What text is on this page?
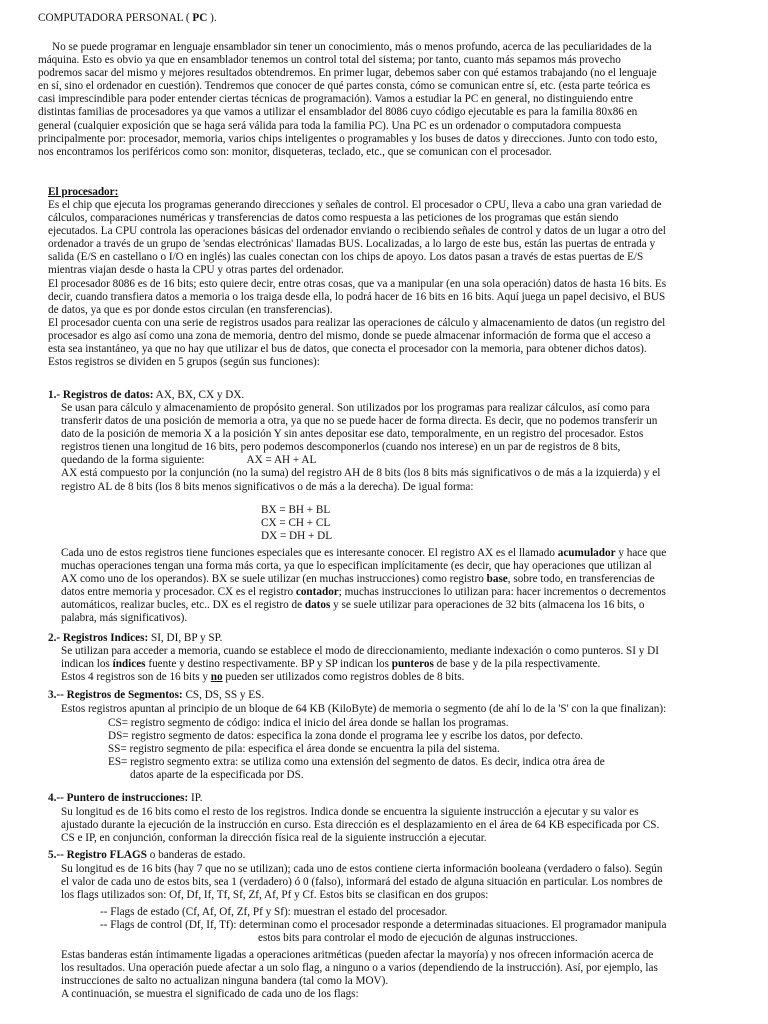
COMPUTADORA PERSONAL ( PC ).

No se puede programar en lenguaje ensamblador sin tener un conocimiento, más o menos profundo, acerca de las peculiaridades de la

máquina. Esto es obvio ya que en ensamblador tenemos un control total del sistema; por tanto, cuanto más sepamos más provecho

podremos sacar del mismo y mejores resultados obtendremos. En primer lugar, debemos saber con qué estamos trabajando (no el lenguaje

en sí, sino el ordenador en cuestión). Tendremos que conocer de qué partes consta, cómo se comunican entre sí, etc. (esta parte teórica es

casi imprescindible para poder entender ciertas técnicas de programación). Vamos a estudiar la PC en general, no distinguiendo entre

distintas familias de procesadores ya que vamos a utilizar el ensamblador del 8086 cuyo código ejecutable es para la familia 80x86 en

general (cualquier exposición que se haga será válida para toda la familia PC). Una PC es un ordenador o computadora compuesta

principalmente por: procesador, memoria, varios chips inteligentes o programables y los buses de datos y direcciones. Junto con todo esto,

nos encontramos los periféricos como son: monitor, disqueteras, teclado, etc., que se comunican con el procesador.

El procesador:

Es el chip que ejecuta los programas generando direcciones y señales de control. El procesador o CPU, lleva a cabo una gran variedad de

cálculos, comparaciones numéricas y transferencias de datos como respuesta a las peticiones de los programas que están siendo

ejecutados. La CPU controla las operaciones básicas del ordenador enviando o recibiendo señales de control y datos de un lugar a otro del

ordenador a través de un grupo de 'sendas electrónicas' llamadas BUS. Localizadas, a lo largo de este bus, están las puertas de entrada y

salida (E/S en castellano o I/O en inglés) las cuales conectan con los chips de apoyo. Los datos pasan a través de estas puertas de E/S

mientras viajan desde o hasta la CPU y otras partes del ordenador.

El procesador 8086 es de 16 bits; esto quiere decir, entre otras cosas, que va a manipular (en una sola operación) datos de hasta 16 bits. Es

decir, cuando transfiera datos a memoria o los traiga desde ella, lo podrá hacer de 16 bits en 16 bits. Aquí juega un papel decisivo, el BUS

de datos, ya que es por donde estos circulan (en transferencias).

El procesador cuenta con una serie de registros usados para realizar las operaciones de cálculo y almacenamiento de datos (un registro del

procesador es algo así como una zona de memoria, dentro del mismo, donde se puede almacenar información de forma que el acceso a

esta sea instantáneo, ya que no hay que utilizar el bus de datos, que conecta el procesador con la memoria, para obtener dichos datos).

Estos registros se dividen en 5 grupos (según sus funciones):

1.- Registros de datos: AX, BX, CX y DX.

Se usan para cálculo y almacenamiento de propósito general. Son utilizados por los programas para realizar cálculos, así como para

transferir datos de una posición de memoria a otra, ya que no se puede hacer de forma directa. Es decir, que no podemos transferir un

dato de la posición de memoria X a la posición Y sin antes depositar ese dato, temporalmente, en un registro del procesador. Estos

registros tienen una longitud de 16 bits, pero podemos descomponerlos (cuando nos interese) en un par de registros de 8 bits,

quedando de la forma siguiente:	AX = AH + AL

AX está compuesto por la conjunción (no la suma) del registro AH de 8 bits (los 8 bits más significativos o de más a la izquierda) y el

registro AL de 8 bits (los 8 bits menos significativos o de más a la derecha). De igual forma:

BX = BH + BL

CX = CH + CL

DX = DH + DL

Cada uno de estos registros tiene funciones especiales que es interesante conocer. El registro AX es el llamado acumulador y hace que

muchas operaciones tengan una forma más corta, ya que lo especifican implícitamente (es decir, que hay operaciones que utilizan al

AX como uno de los operandos). BX se suele utilizar (en muchas instrucciones) como registro base, sobre todo, en transferencias de

datos entre memoria y procesador. CX es el registro contador; muchas instrucciones lo utilizan para: hacer incrementos o decrementos

automáticos, realizar bucles, etc.. DX es el registro de datos y se suele utilizar para operaciones de 32 bits (almacena los 16 bits, o

palabra, más significativos).

2.- Registros Indices: SI, DI, BP y SP.

Se utilizan para acceder a memoria, cuando se establece el modo de direccionamiento, mediante indexación o como punteros. SI y DI

indican los índices fuente y destino respectivamente. BP y SP indican los punteros de base y de la pila respectivamente.

Estos 4 registros son de 16 bits y no pueden ser utilizados como registros dobles de 8 bits.

3.-- Registros de Segmentos: CS, DS, SS y ES.

Estos registros apuntan al principio de un bloque de 64 KB (KiloByte) de memoria o segmento (de ahí lo de la 'S' con la que finalizan):

CS= registro segmento de código: indica el inicio del área donde se hallan los programas.

DS= registro segmento de datos: especifica la zona donde el programa lee y escribe los datos, por defecto.

SS= registro segmento de pila: especifica el área donde se encuentra la pila del sistema.

ES= registro segmento extra: se utiliza como una extensión del segmento de datos. Es decir, indica otra área de

datos aparte de la especificada por DS.

4.-- Puntero de instrucciones: IP.

Su longitud es de 16 bits como el resto de los registros. Indica donde se encuentra la siguiente instrucción a ejecutar y su valor es

ajustado durante la ejecución de la instrucción en curso. Esta dirección es el desplazamiento en el área de 64 KB especificada por CS.

CS e IP, en conjunción, conforman la dirección física real de la siguiente instrucción a ejecutar.

5.-- Registro FLAGS o banderas de estado.

Su longitud es de 16 bits (hay 7 que no se utilizan); cada uno de estos contiene cierta información booleana (verdadero o falso). Según

el valor de cada uno de estos bits, sea 1 (verdadero) ó 0 (falso), informará del estado de alguna situación en particular. Los nombres de

los flags utilizados son: Of, Df, If, Tf, Sf, Zf, Af, Pf y Cf. Estos bits se clasifican en dos grupos:

-- Flags de estado (Cf, Af, Of, Zf, Pf y Sf): muestran el estado del procesador.

-- Flags de control (Df, If, Tf): determinan como el procesador responde a determinadas situaciones. El programador manipula

estos bits para controlar el modo de ejecución de algunas instrucciones.

Estas banderas están íntimamente ligadas a operaciones aritméticas (pueden afectar la mayoría) y nos ofrecen información acerca de

los resultados. Una operación puede afectar a un solo flag, a ninguno o a varios (dependiendo de la instrucción). Así, por ejemplo, las

instrucciones de salto no actualizan ninguna bandera (tal como la MOV).

A continuación, se muestra el significado de cada uno de los flags:
